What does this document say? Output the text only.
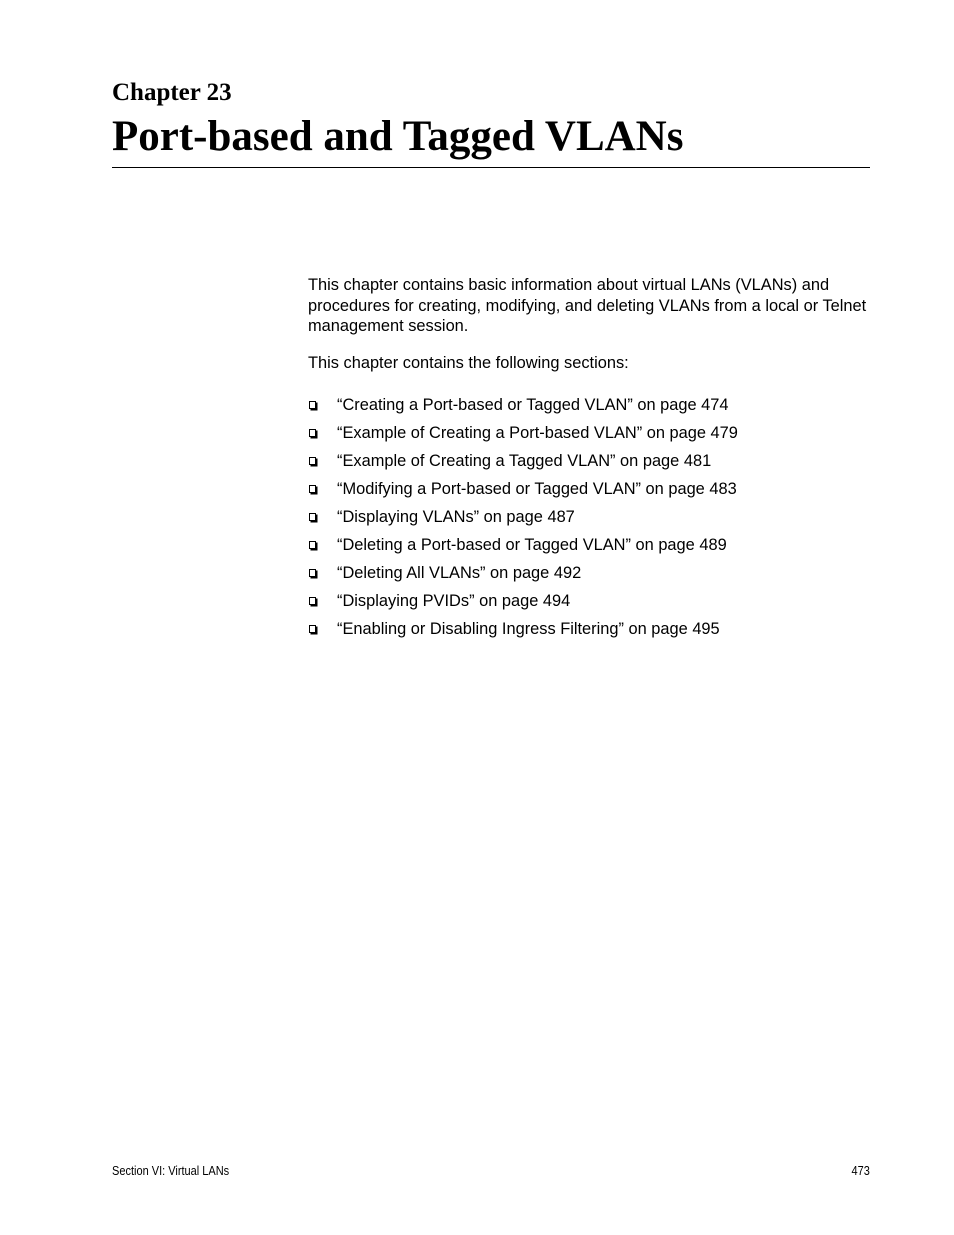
Chapter 23
Port-based and Tagged VLANs

This chapter contains basic information about virtual LANs (VLANs) and procedures for creating, modifying, and deleting VLANs from a local or Telnet management session.

This chapter contains the following sections:

“Creating a Port-based or Tagged VLAN” on page 474
“Example of Creating a Port-based VLAN” on page 479
“Example of Creating a Tagged VLAN” on page 481
“Modifying a Port-based or Tagged VLAN” on page 483
“Displaying VLANs” on page 487
“Deleting a Port-based or Tagged VLAN” on page 489
“Deleting All VLANs” on page 492
“Displaying PVIDs” on page 494
“Enabling or Disabling Ingress Filtering” on page 495
Section VI: Virtual LANs	473
